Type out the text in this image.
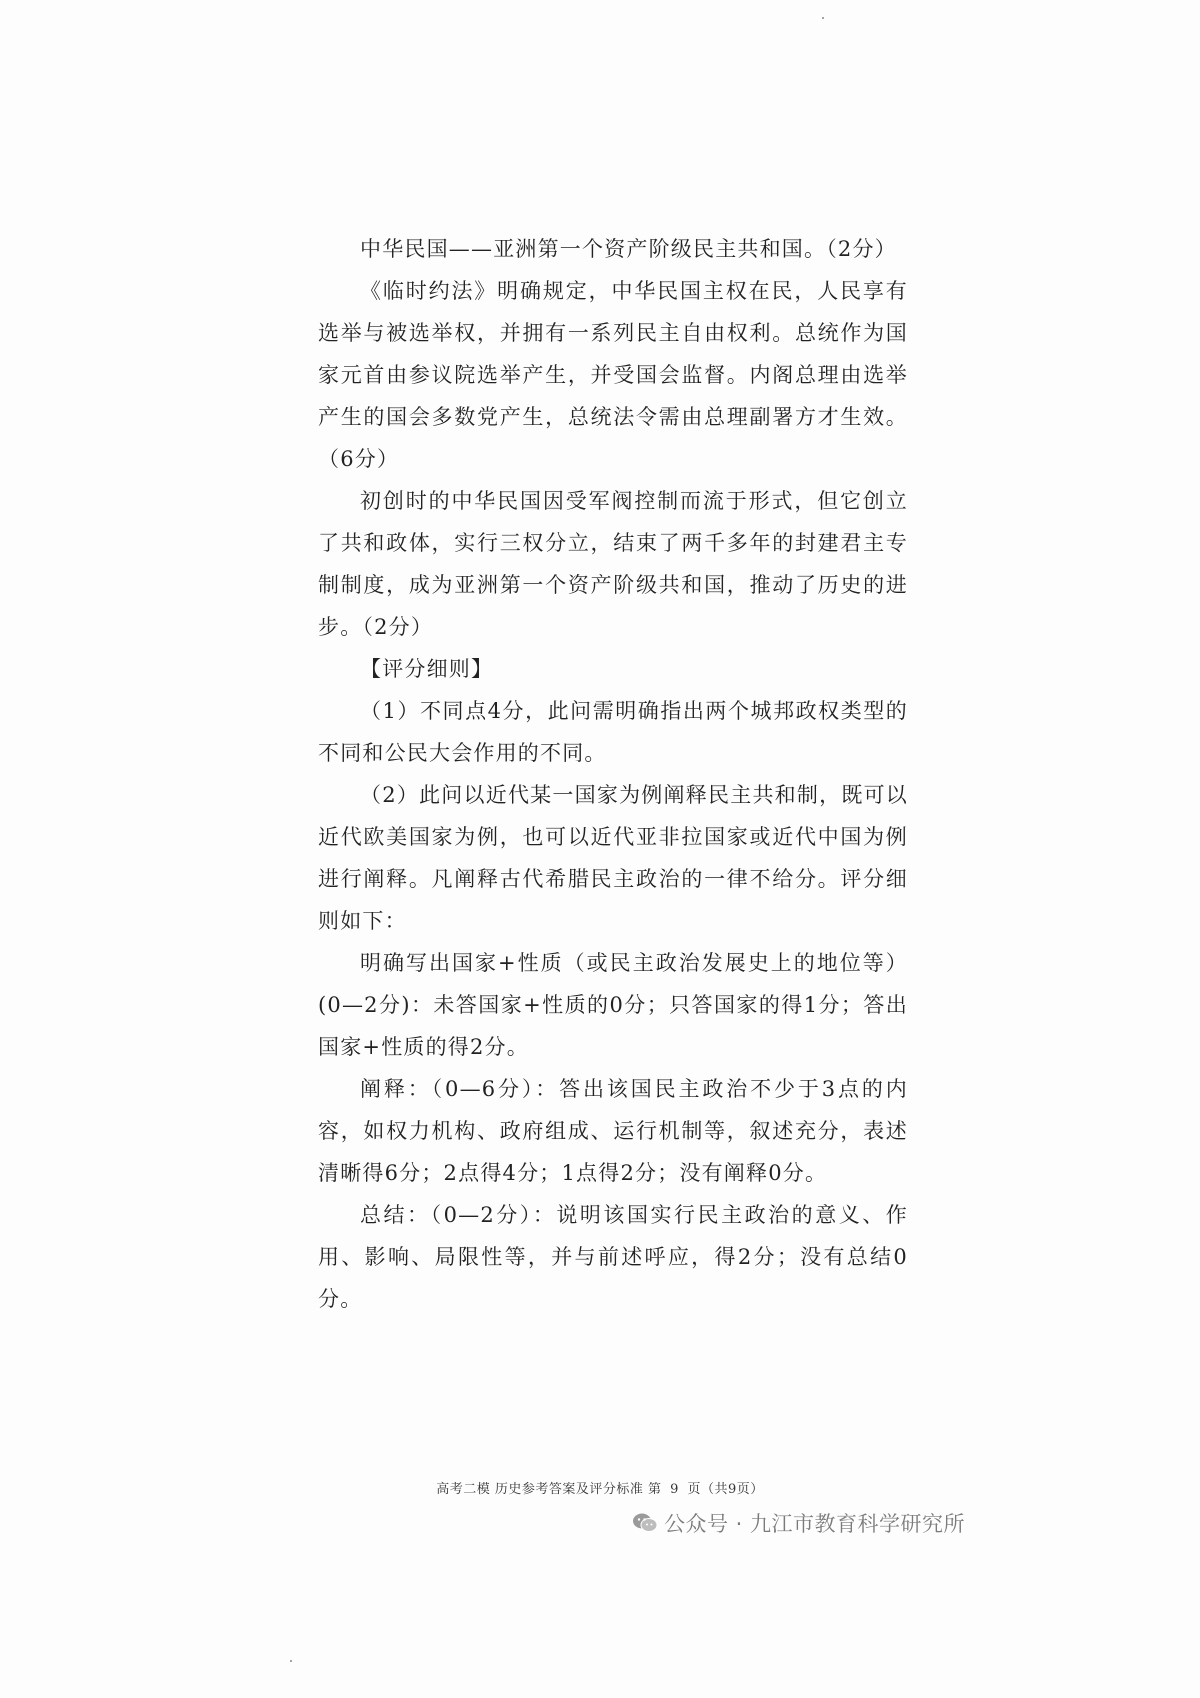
中华民国——亚洲第一个资产阶级民主共和国。（2分）

《临时约法》明确规定，中华民国主权在民，人民享有选举与被选举权，并拥有一系列民主自由权利。总统作为国家元首由参议院选举产生，并受国会监督。内阁总理由选举产生的国会多数党产生，总统法令需由总理副署方才生效。（6分）

初创时的中华民国因受军阀控制而流于形式，但它创立了共和政体，实行三权分立，结束了两千多年的封建君主专制制度，成为亚洲第一个资产阶级共和国，推动了历史的进步。（2分）

【评分细则】

（1）不同点4分，此问需明确指出两个城邦政权类型的不同和公民大会作用的不同。

（2）此问以近代某一国家为例阐释民主共和制，既可以近代欧美国家为例，也可以近代亚非拉国家或近代中国为例进行阐释。凡阐释古代希腊民主政治的一律不给分。评分细则如下：

明确写出国家+性质（或民主政治发展史上的地位等）(0—2分)：未答国家+性质的0分；只答国家的得1分；答出国家+性质的得2分。

阐释：（0—6分）：答出该国民主政治不少于3点的内容，如权力机构、政府组成、运行机制等，叙述充分，表述清晰得6分；2点得4分；1点得2分；没有阐释0分。

总结：（0—2分）：说明该国实行民主政治的意义、作用、影响、局限性等，并与前述呼应，得2分；没有总结0分。

高考二模 历史参考答案及评分标准 第 9 页（共9页）
公众号 · 九江市教育科学研究所
